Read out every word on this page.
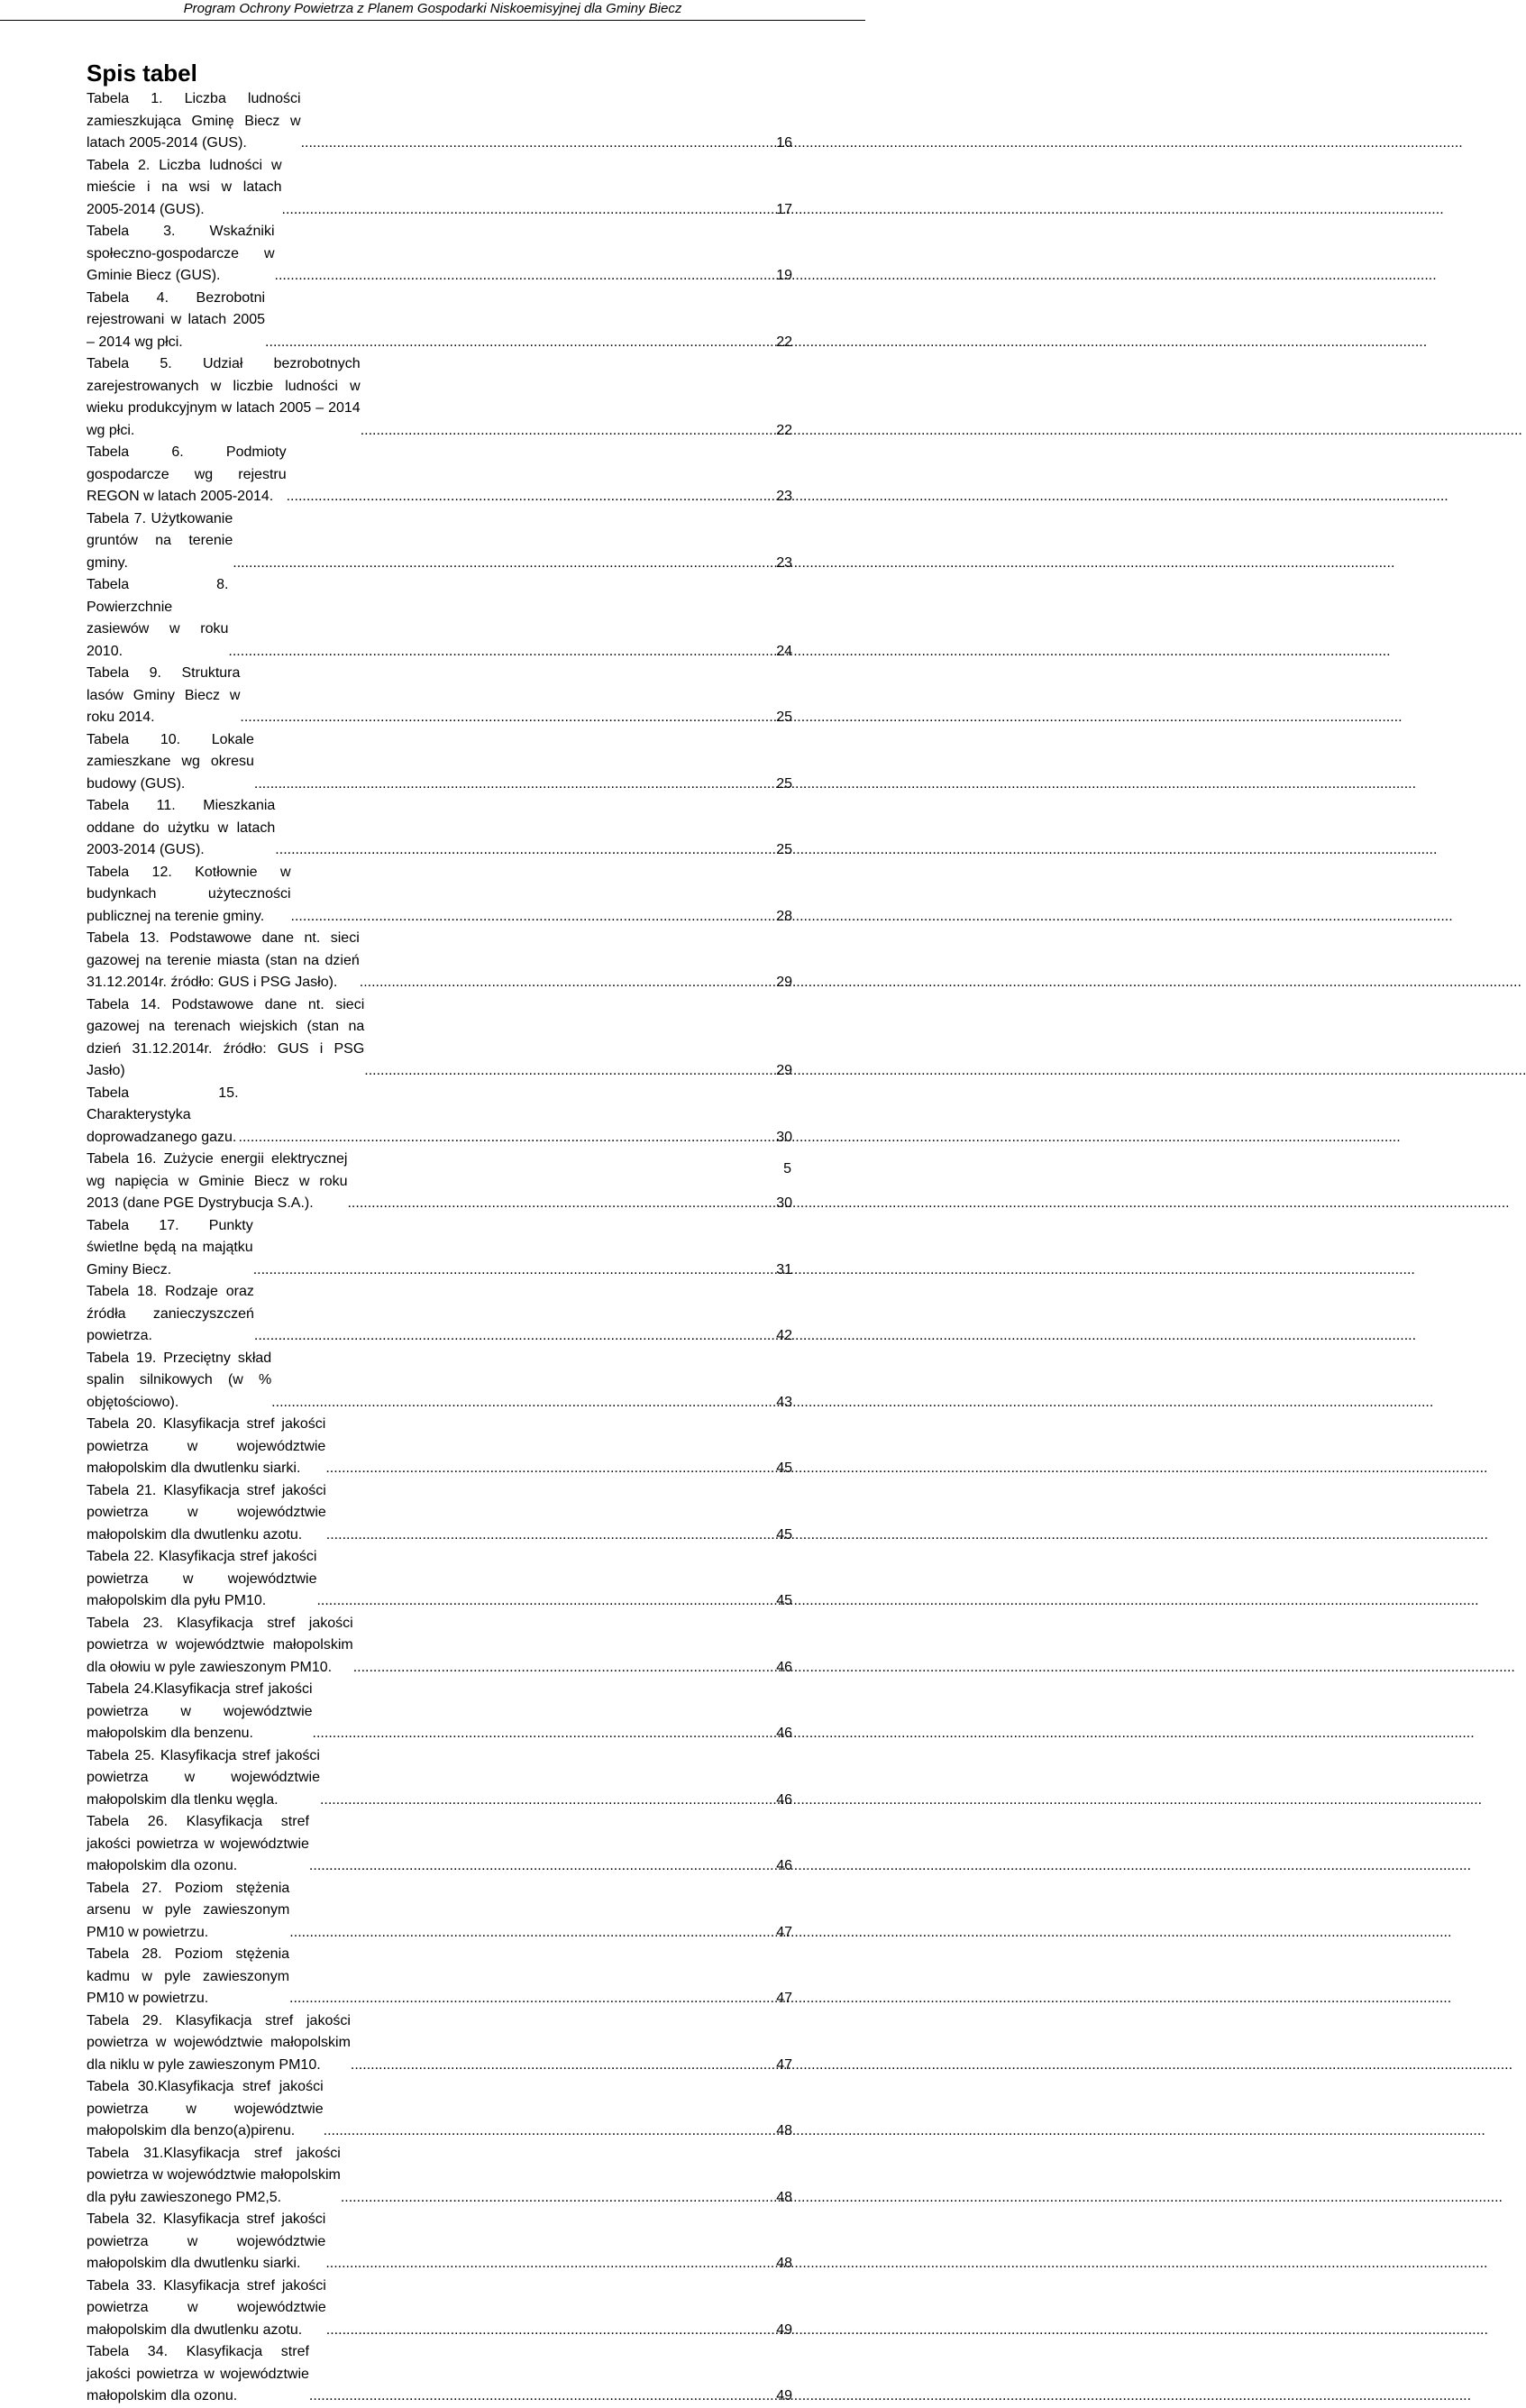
Program Ochrony Powietrza z Planem Gospodarki Niskoemisyjnej dla Gminy Biecz
Spis tabel
Tabela 1. Liczba ludności zamieszkująca Gminę Biecz w latach 2005-2014 (GUS). .....	16
Tabela 2. Liczba ludności w mieście i na wsi w latach 2005-2014 (GUS). .....	17
Tabela 3. Wskaźniki społeczno-gospodarcze w Gminie Biecz (GUS). .....	19
Tabela 4. Bezrobotni rejestrowani w latach 2005 – 2014 wg płci. .....	22
Tabela 5. Udział bezrobotnych zarejestrowanych w liczbie ludności w wieku produkcyjnym w latach 2005 – 2014 wg płci. .....	22
Tabela 6. Podmioty gospodarcze wg rejestru REGON w latach 2005-2014. .....	23
Tabela 7. Użytkowanie gruntów na terenie gminy. .....	23
Tabela 8. Powierzchnie zasiewów w roku 2010. .....	24
Tabela 9. Struktura lasów Gminy Biecz w roku 2014. .....	25
Tabela 10. Lokale zamieszkane wg okresu budowy (GUS). .....	25
Tabela 11. Mieszkania oddane do użytku w latach 2003-2014 (GUS). .....	25
Tabela 12. Kotłownie w budynkach użyteczności publicznej na terenie gminy. .....	28
Tabela 13. Podstawowe dane nt. sieci gazowej na terenie miasta (stan na dzień 31.12.2014r. źródło: GUS i PSG Jasło). .....	29
Tabela 14. Podstawowe dane nt. sieci gazowej na terenach wiejskich (stan na dzień 31.12.2014r. źródło: GUS i PSG Jasło) .....	29
Tabela 15. Charakterystyka doprowadzanego gazu. .....	30
Tabela 16. Zużycie energii elektrycznej wg napięcia w Gminie Biecz w roku 2013 (dane PGE Dystrybucja S.A.). .....	30
Tabela 17. Punkty świetlne będą na majątku Gminy Biecz. .....	31
Tabela 18. Rodzaje oraz źródła zanieczyszczeń powietrza. .....	42
Tabela 19. Przeciętny skład spalin silnikowych (w % objętościowo). .....	43
Tabela 20. Klasyfikacja stref jakości powietrza w województwie małopolskim dla dwutlenku siarki. .....	45
Tabela 21. Klasyfikacja stref jakości powietrza w województwie małopolskim dla dwutlenku azotu. .....	45
Tabela 22. Klasyfikacja stref jakości powietrza w województwie małopolskim dla pyłu PM10. .....	45
Tabela 23. Klasyfikacja stref jakości powietrza w województwie małopolskim dla ołowiu w pyle zawieszonym PM10. .....	46
Tabela 24.Klasyfikacja stref jakości powietrza w województwie małopolskim dla benzenu. .....	46
Tabela 25. Klasyfikacja stref jakości powietrza w województwie małopolskim dla tlenku węgla. .....	46
Tabela 26. Klasyfikacja stref jakości powietrza w województwie małopolskim dla ozonu. .....	46
Tabela 27. Poziom stężenia arsenu w pyle zawieszonym PM10 w powietrzu. .....	47
Tabela 28. Poziom stężenia kadmu w pyle zawieszonym PM10 w powietrzu. .....	47
Tabela 29. Klasyfikacja stref jakości powietrza w województwie małopolskim dla niklu w pyle zawieszonym PM10. .....	47
Tabela 30.Klasyfikacja stref jakości powietrza w województwie małopolskim dla benzo(a)pirenu. .....	48
Tabela 31.Klasyfikacja stref jakości powietrza w województwie małopolskim dla pyłu zawieszonego PM2,5. .....	48
Tabela 32. Klasyfikacja stref jakości powietrza w województwie małopolskim dla dwutlenku siarki. .....	48
Tabela 33. Klasyfikacja stref jakości powietrza w województwie małopolskim dla dwutlenku azotu. .....	49
Tabela 34. Klasyfikacja stref jakości powietrza w województwie małopolskim dla ozonu. .....	49
5
